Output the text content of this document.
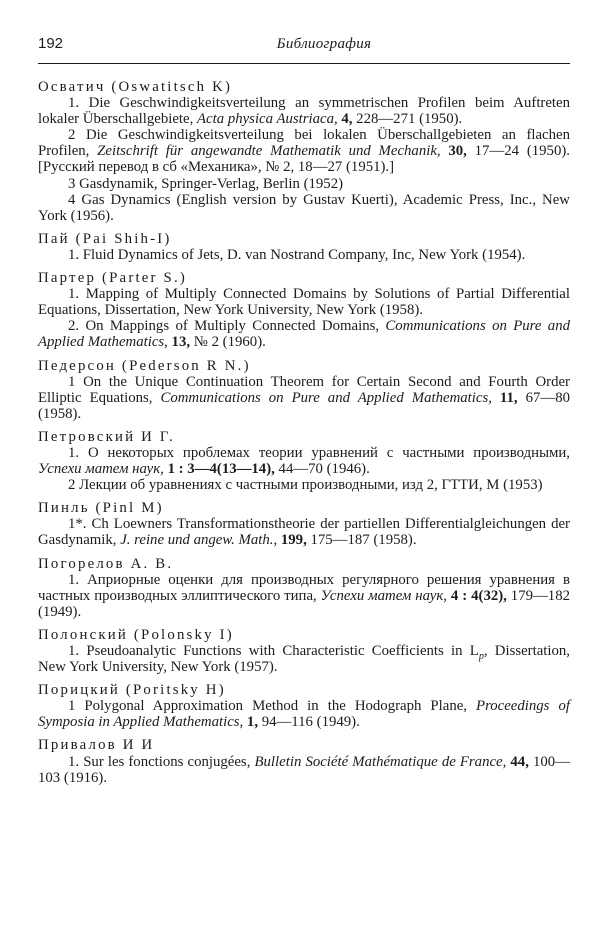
192	Библиография
Осватич (Oswatitsch K)

1. Die Geschwindigkeitsverteilung an symmetrischen Profilen beim Auftreten lokaler Überschallgebiete, Acta physica Austriaca, 4, 228—271 (1950).

2 Die Geschwindigkeitsverteilung bei lokalen Überschallgebieten an flachen Profilen, Zeitschrift für angewandte Mathematik und Mechanik, 30, 17—24 (1950). [Русский перевод в сб «Механика», № 2, 18—27 (1951).]

3 Gasdynamik, Springer-Verlag, Berlin (1952)

4 Gas Dynamics (English version by Gustav Kuerti), Academic Press, Inc., New York (1956).

Пай (Pai Shih-I)

1. Fluid Dynamics of Jets, D. van Nostrand Company, Inc, New York (1954).

Партер (Parter S.)

1. Mapping of Multiply Connected Domains by Solutions of Partial Differential Equations, Dissertation, New York University, New York (1958).

2. On Mappings of Multiply Connected Domains, Communications on Pure and Applied Mathematics, 13, № 2 (1960).

Педерсон (Pederson R N.)

1 On the Unique Continuation Theorem for Certain Second and Fourth Order Elliptic Equations, Communications on Pure and Applied Mathematics, 11, 67—80 (1958).

Петровский И Г.

1. О некоторых проблемах теории уравнений с частными производными, Успехи матем наук, 1 : 3—4(13—14), 44—70 (1946).

2 Лекции об уравнениях с частными производными, изд 2, ГТТИ, М (1953)

Пинль (Pinl M)

1*. Ch Loewners Transformationstheorie der partiellen Differentialgleichungen der Gasdynamik, J. reine und angew. Math., 199, 175—187 (1958).

Погорелов А. В.

1. Априорные оценки для производных регулярного решения уравнения в частных производных эллиптического типа, Успехи матем наук, 4 : 4(32), 179—182 (1949).

Полонский (Polonsky I)

1. Pseudoanalytic Functions with Characteristic Coefficients in $L_p$, Dissertation, New York University, New York (1957).

Порицкий (Poritsky H)

1 Polygonal Approximation Method in the Hodograph Plane, Proceedings of Symposia in Applied Mathematics, 1, 94—116 (1949).

Привалов И И

1. Sur les fonctions conjugées, Bulletin Société Mathématique de France, 44, 100—103 (1916).
